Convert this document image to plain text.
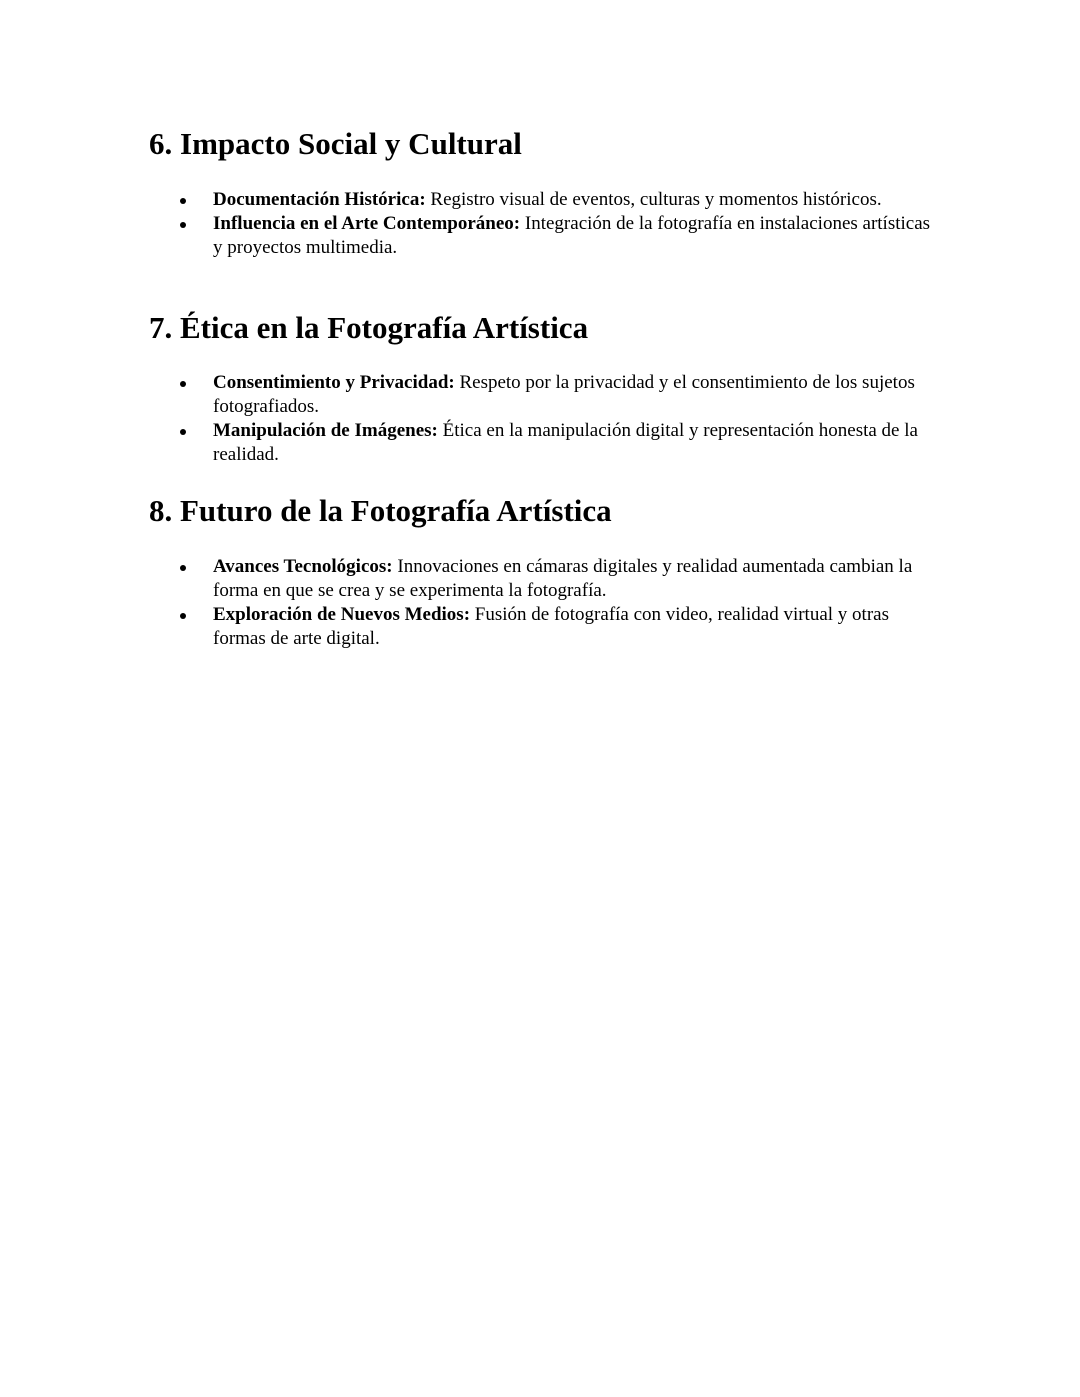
6. Impacto Social y Cultural
Documentación Histórica: Registro visual de eventos, culturas y momentos históricos.
Influencia en el Arte Contemporáneo: Integración de la fotografía en instalaciones artísticas y proyectos multimedia.
7. Ética en la Fotografía Artística
Consentimiento y Privacidad: Respeto por la privacidad y el consentimiento de los sujetos fotografiados.
Manipulación de Imágenes: Ética en la manipulación digital y representación honesta de la realidad.
8. Futuro de la Fotografía Artística
Avances Tecnológicos: Innovaciones en cámaras digitales y realidad aumentada cambian la forma en que se crea y se experimenta la fotografía.
Exploración de Nuevos Medios: Fusión de fotografía con video, realidad virtual y otras formas de arte digital.
